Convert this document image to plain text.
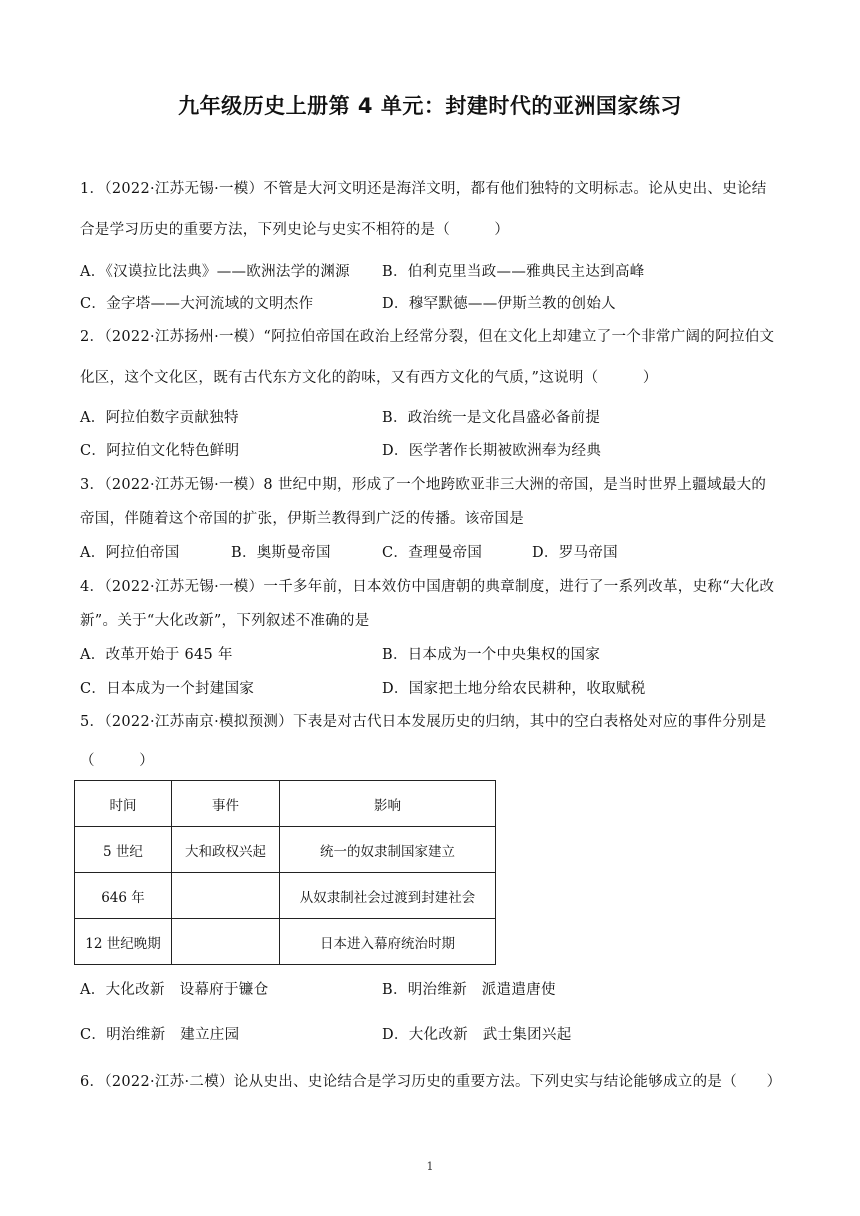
九年级历史上册第 4 单元：封建时代的亚洲国家练习
1．（2022·江苏无锡·一模）不管是大河文明还是海洋文明，都有他们独特的文明标志。论从史出、史论结
合是学习历史的重要方法，下列史论与史实不相符的是（　　　）
A．《汉谟拉比法典》——欧洲法学的渊源 B．伯利克里当政——雅典民主达到高峰
C．金字塔——大河流域的文明杰作	D．穆罕默德——伊斯兰教的创始人
2．（2022·江苏扬州·一模）“阿拉伯帝国在政治上经常分裂，但在文化上却建立了一个非常广阔的阿拉伯文
化区，这个文化区，既有古代东方文化的韵味，又有西方文化的气质，”这说明（　　　）
A．阿拉伯数字贡献独特	B．政治统一是文化昌盛必备前提
C．阿拉伯文化特色鲜明	D．医学著作长期被欧洲奉为经典
3．（2022·江苏无锡·一模）8 世纪中期，形成了一个地跨欧亚非三大洲的帝国，是当时世界上疆域最大的
帝国，伴随着这个帝国的扩张，伊斯兰教得到广泛的传播。该帝国是
A．阿拉伯帝国	B．奥斯曼帝国	C．查理曼帝国	D．罗马帝国
4．（2022·江苏无锡·一模）一千多年前，日本效仿中国唐朝的典章制度，进行了一系列改革，史称“大化改
新”。关于“大化改新”，下列叙述不准确的是
A．改革开始于 645 年	B．日本成为一个中央集权的国家
C．日本成为一个封建国家	D．国家把土地分给农民耕种，收取赋税
5．（2022·江苏南京·模拟预测）下表是对古代日本发展历史的归纳，其中的空白表格处对应的事件分别是
（　　　）
时间	事件	影响
5 世纪	大和政权兴起	统一的奴隶制国家建立
646 年		从奴隶制社会过渡到封建社会
12 世纪晚期		日本进入幕府统治时期
A．大化改新　设幕府于镰仓	B．明治维新　派遣遣唐使
C．明治维新　建立庄园	D．大化改新　武士集团兴起
6．（2022·江苏·二模）论从史出、史论结合是学习历史的重要方法。下列史实与结论能够成立的是（　　）
1
